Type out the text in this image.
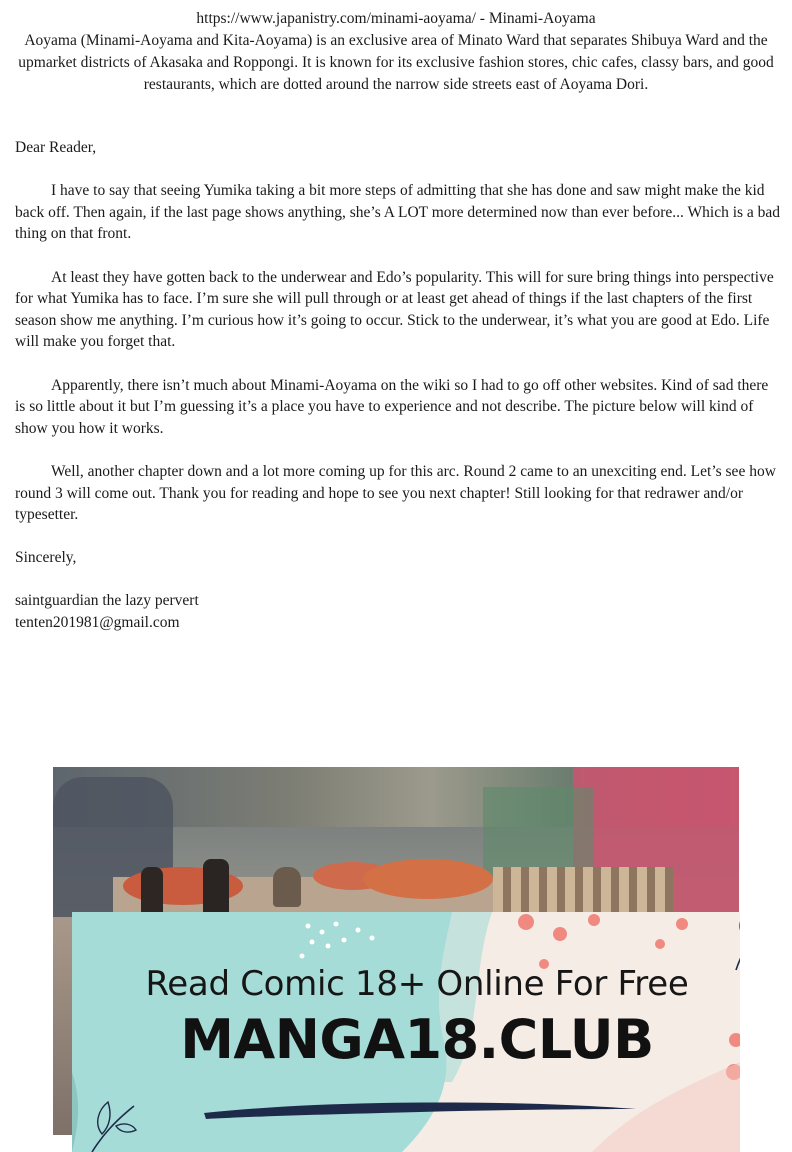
https://www.japanistry.com/minami-aoyama/ - Minami-Aoyama
Aoyama (Minami-Aoyama and Kita-Aoyama) is an exclusive area of Minato Ward that separates Shibuya Ward and the upmarket districts of Akasaka and Roppongi. It is known for its exclusive fashion stores, chic cafes, classy bars, and good restaurants, which are dotted around the narrow side streets east of Aoyama Dori.

Dear Reader,

I have to say that seeing Yumika taking a bit more steps of admitting that she has done and saw might make the kid back off. Then again, if the last page shows anything, she’s A LOT more determined now than ever before... Which is a bad thing on that front.

At least they have gotten back to the underwear and Edo’s popularity. This will for sure bring things into perspective for what Yumika has to face. I’m sure she will pull through or at least get ahead of things if the last chapters of the first season show me anything. I’m curious how it’s going to occur. Stick to the underwear, it’s what you are good at Edo. Life will make you forget that.

Apparently, there isn’t much about Minami-Aoyama on the wiki so I had to go off other websites. Kind of sad there is so little about it but I’m guessing it’s a place you have to experience and not describe. The picture below will kind of show you how it works.

Well, another chapter down and a lot more coming up for this arc. Round 2 came to an unexciting end. Let’s see how round 3 will come out. Thank you for reading and hope to see you next chapter! Still looking for that redrawer and/or typesetter.

Sincerely,

saintguardian the lazy pervert

tenten201981@gmail.com

Read Comic 18+ Online For Free
MANGA18.CLUB
